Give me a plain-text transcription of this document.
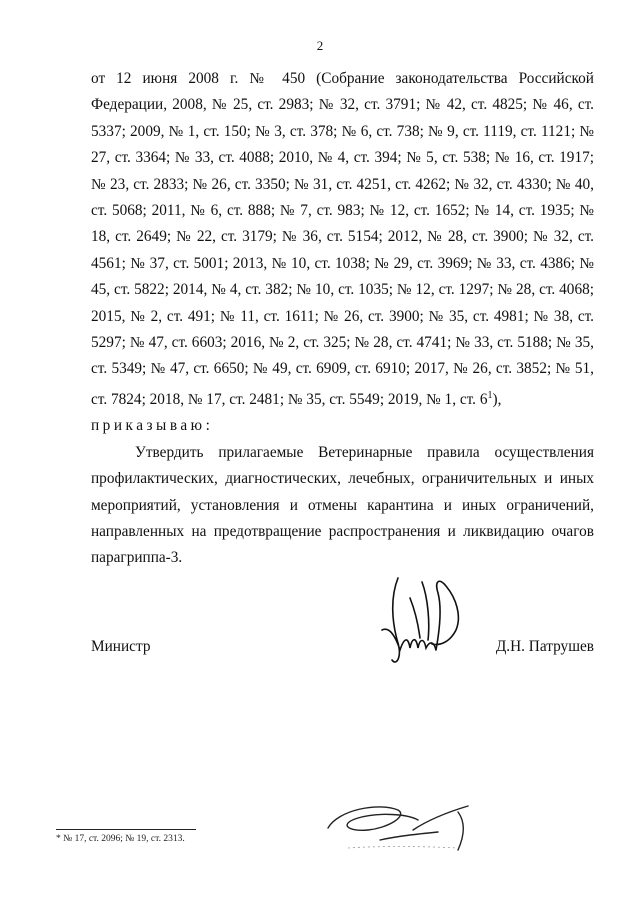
2

от 12 июня 2008 г. № 450 (Собрание законодательства Российской Федерации, 2008, № 25, ст. 2983; № 32, ст. 3791; № 42, ст. 4825; № 46, ст. 5337; 2009, № 1, ст. 150; № 3, ст. 378; № 6, ст. 738; № 9, ст. 1119, ст. 1121; № 27, ст. 3364; № 33, ст. 4088; 2010, № 4, ст. 394; № 5, ст. 538; № 16, ст. 1917; № 23, ст. 2833; № 26, ст. 3350; № 31, ст. 4251, ст. 4262; № 32, ст. 4330; № 40, ст. 5068; 2011, № 6, ст. 888; № 7, ст. 983; № 12, ст. 1652; № 14, ст. 1935; № 18, ст. 2649; № 22, ст. 3179; № 36, ст. 5154; 2012, № 28, ст. 3900; № 32, ст. 4561; № 37, ст. 5001; 2013, № 10, ст. 1038; № 29, ст. 3969; № 33, ст. 4386; № 45, ст. 5822; 2014, № 4, ст. 382; № 10, ст. 1035; № 12, ст. 1297; № 28, ст. 4068; 2015, № 2, ст. 491; № 11, ст. 1611; № 26, ст. 3900; № 35, ст. 4981; № 38, ст. 5297; № 47, ст. 6603; 2016, № 2, ст. 325; № 28, ст. 4741; № 33, ст. 5188; № 35, ст. 5349; № 47, ст. 6650; № 49, ст. 6909, ст. 6910; 2017, № 26, ст. 3852; № 51, ст. 7824; 2018, № 17, ст. 2481; № 35, ст. 5549; 2019, № 1, ст. $6^1$),

приказываю:

Утвердить прилагаемые Ветеринарные правила осуществления профилактических, диагностических, лечебных, ограничительных и иных мероприятий, установления и отмены карантина и иных ограничений, направленных на предотвращение распространения и ликвидацию очагов парагриппа-3.

Министр	Д.Н. Патрушев
* № 17, ст. 2096; № 19, ст. 2313.
